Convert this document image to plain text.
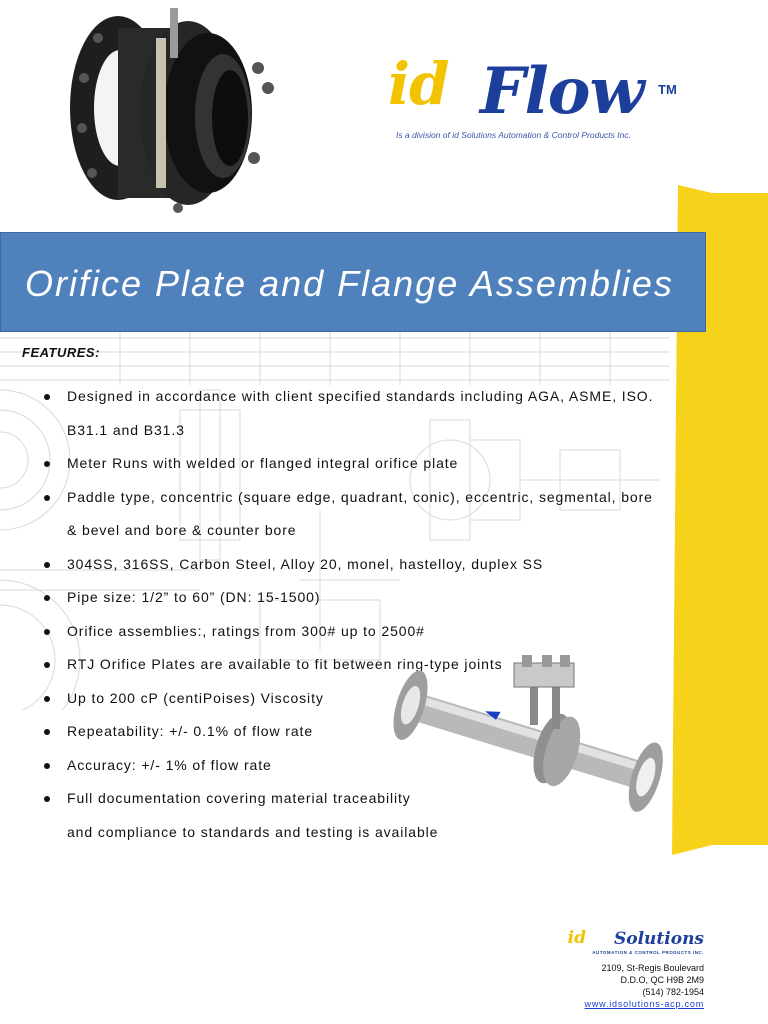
id Flow TM
Is a division of id Solutions Automation & Control Products Inc.
Orifice Plate and Flange Assemblies
FEATURES:
Designed in accordance with client specified standards including AGA, ASME, ISO.
B31.1 and B31.3
Meter Runs with welded or flanged integral orifice plate
Paddle type, concentric (square edge, quadrant, conic), eccentric, segmental, bore
& bevel and bore & counter bore
304SS, 316SS, Carbon Steel, Alloy 20, monel, hastelloy, duplex SS
Pipe size: 1/2” to 60” (DN: 15-1500)
Orifice assemblies:, ratings from 300# up to 2500#
RTJ Orifice Plates are available to fit between ring-type joints
Up to 200 cP (centiPoises) Viscosity
Repeatability: +/- 0.1% of flow rate
Accuracy: +/- 1% of flow rate
Full documentation covering material traceability
and compliance to standards and testing is available
id Solutions
AUTOMATION & CONTROL PRODUCTS INC.
2109, St-Regis Boulevard
D.D.O, QC H9B 2M9
(514) 782-1954
www.idsolutions-acp.com
